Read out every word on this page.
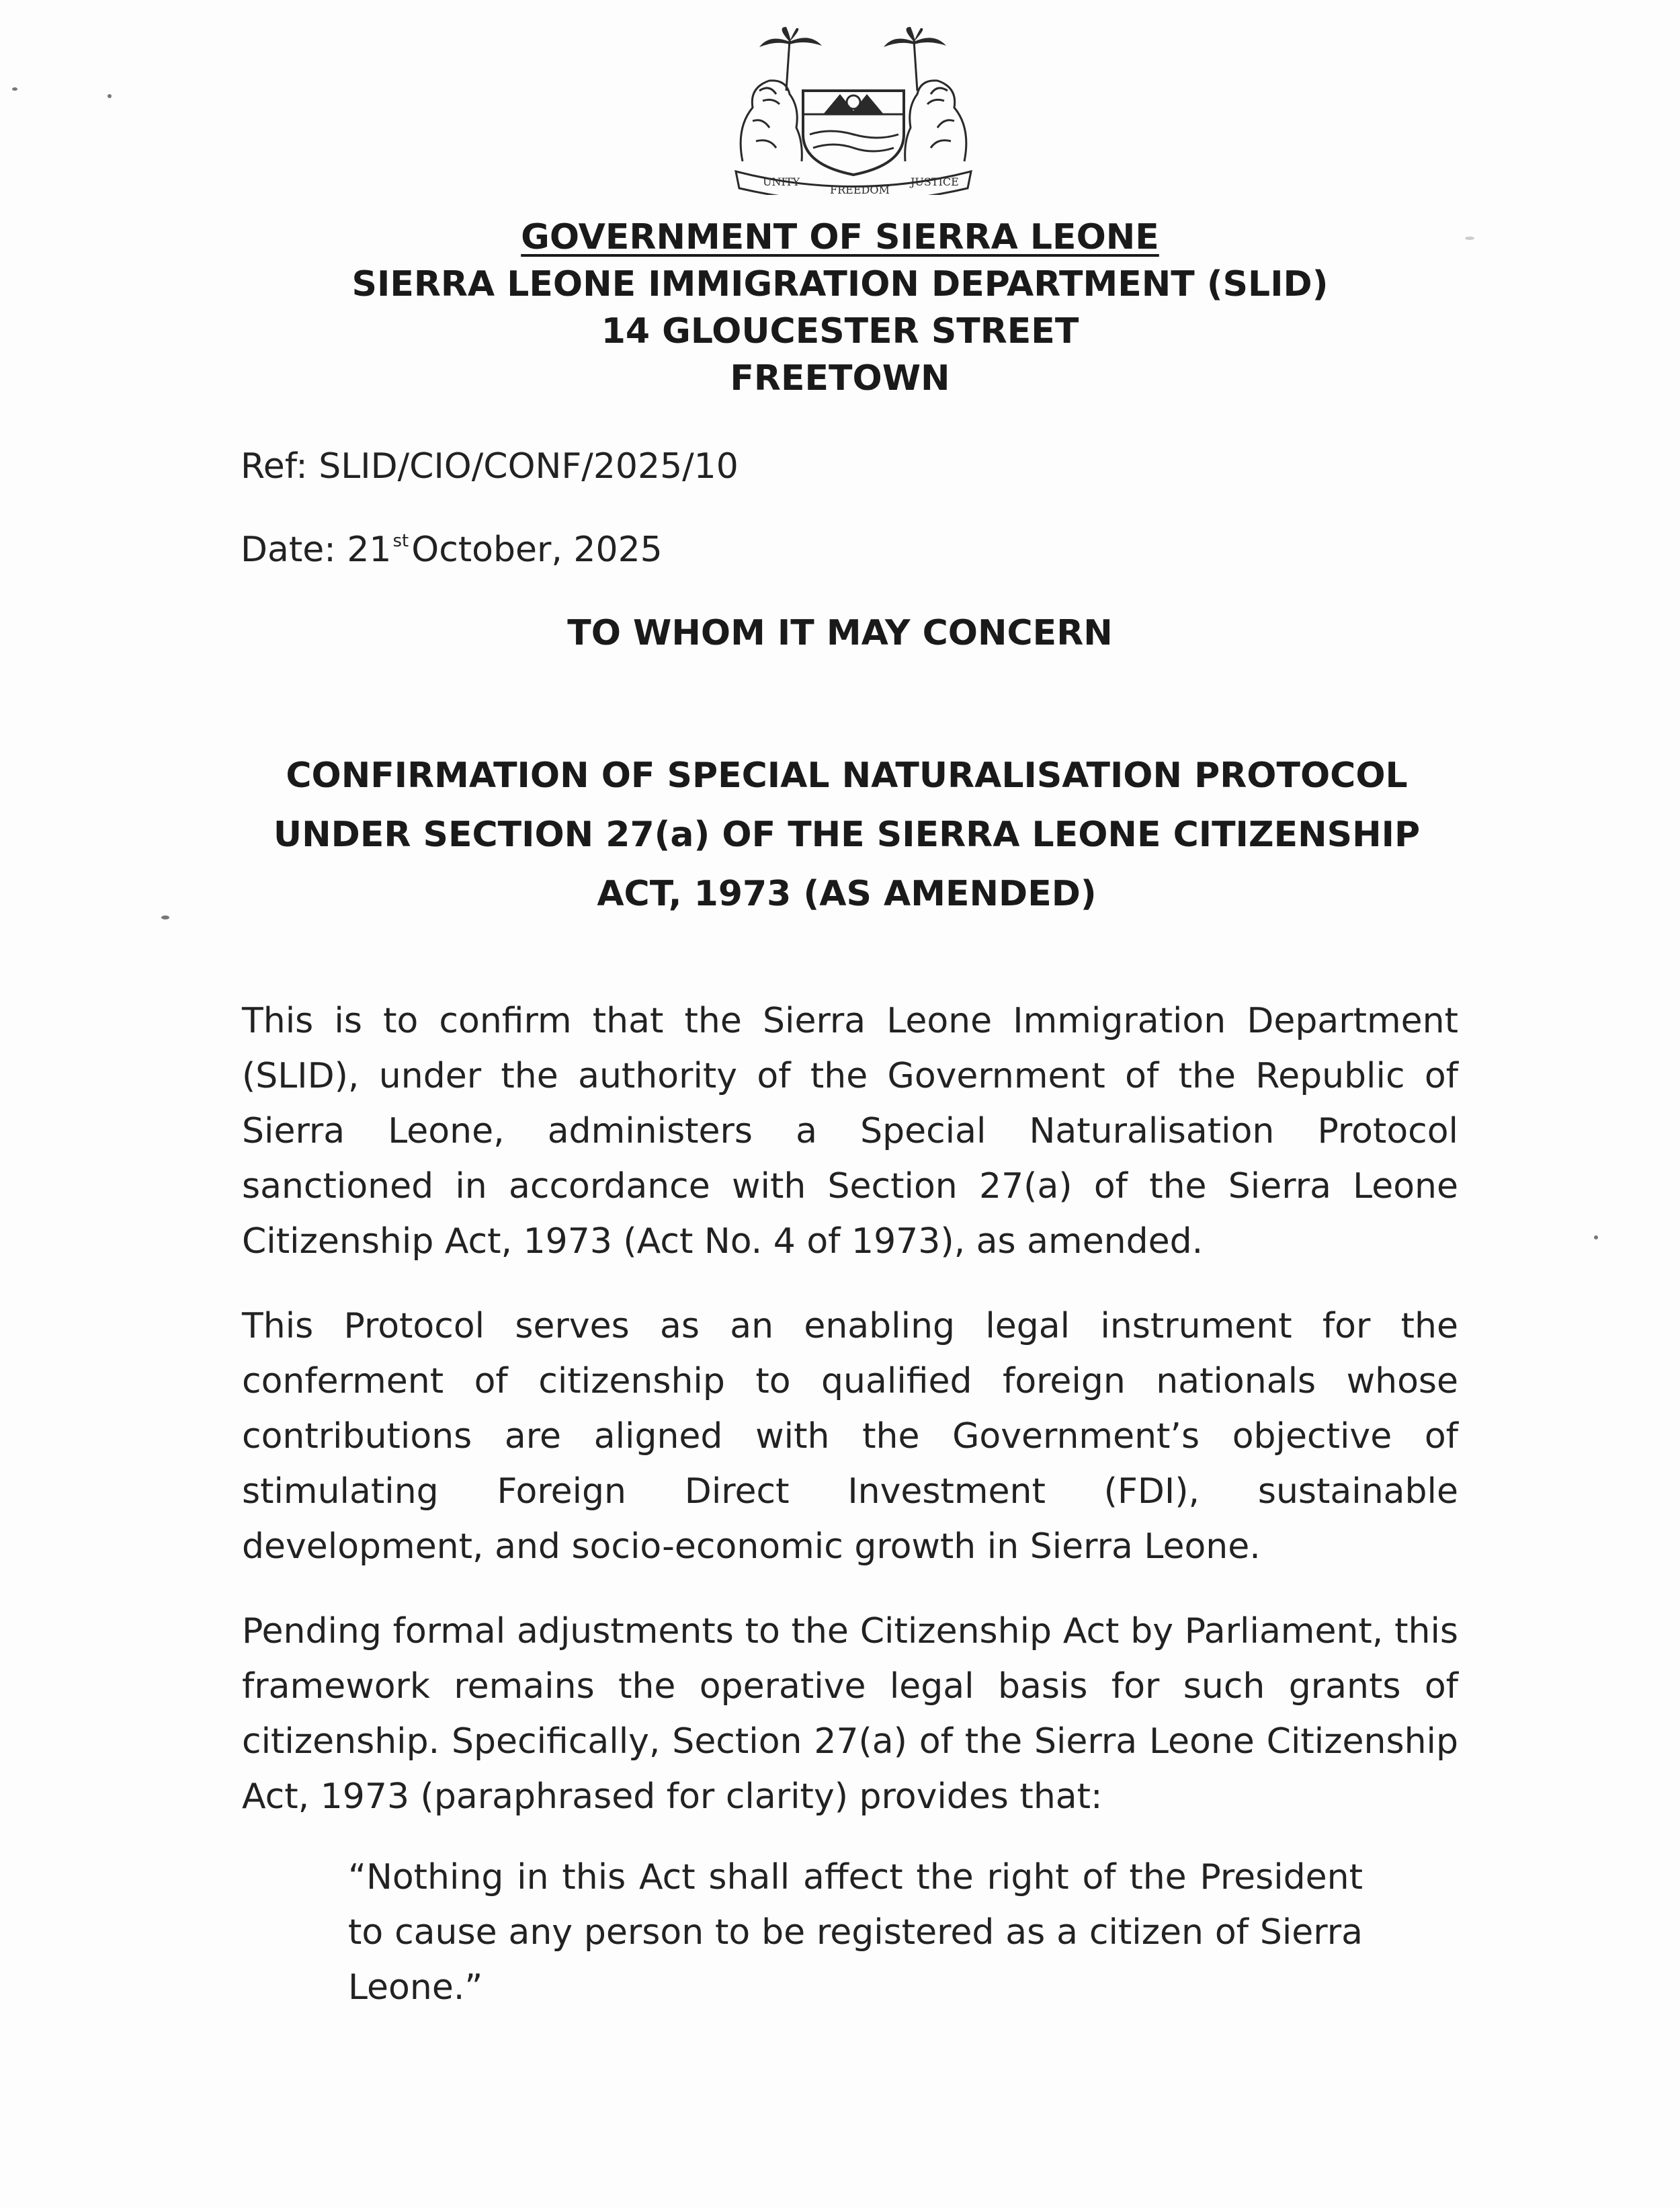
UNITY
FREEDOM
JUSTICE
GOVERNMENT OF SIERRA LEONE
SIERRA LEONE IMMIGRATION DEPARTMENT (SLID)
14 GLOUCESTER STREET
FREETOWN
Ref: SLID/CIO/CONF/2025/10
Date: 21stOctober, 2025
TO WHOM IT MAY CONCERN
CONFIRMATION OF SPECIAL NATURALISATION PROTOCOL UNDER SECTION 27(a) OF THE SIERRA LEONE CITIZENSHIP ACT, 1973 (AS AMENDED)

This is to confirm that the Sierra Leone Immigration Department (SLID), under the authority of the Government of the Republic of Sierra Leone, administers a Special Naturalisation Protocol sanctioned in accordance with Section 27(a) of the Sierra Leone Citizenship Act, 1973 (Act No. 4 of 1973), as amended.

This Protocol serves as an enabling legal instrument for the conferment of citizenship to qualified foreign nationals whose contributions are aligned with the Government’s objective of stimulating Foreign Direct Investment (FDI), sustainable development, and socio-economic growth in Sierra Leone.

Pending formal adjustments to the Citizenship Act by Parliament, this framework remains the operative legal basis for such grants of citizenship. Specifically, Section 27(a) of the Sierra Leone Citizenship Act, 1973 (paraphrased for clarity) provides that:

“Nothing in this Act shall affect the right of the President to cause any person to be registered as a citizen of Sierra Leone.”
